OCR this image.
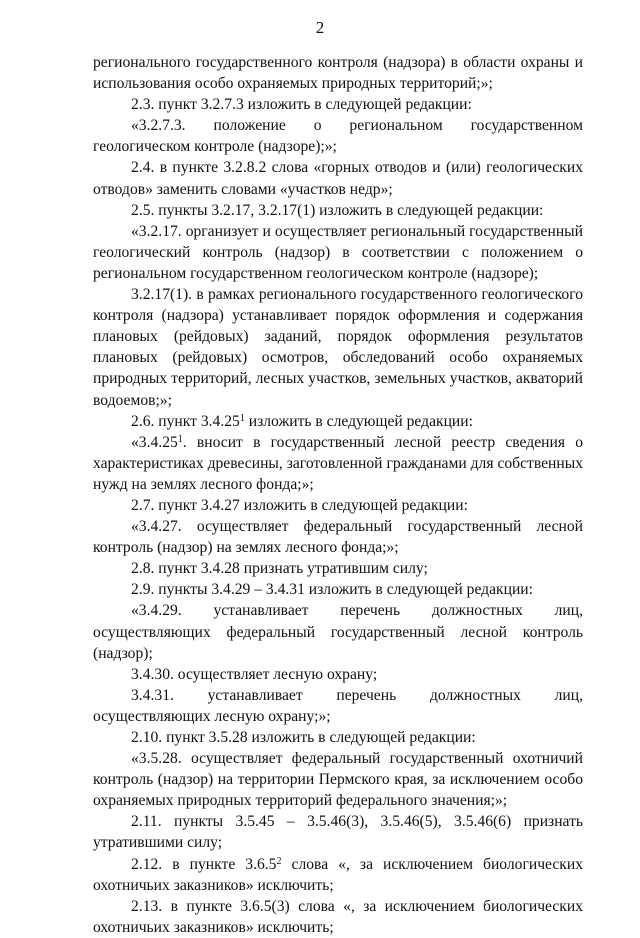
2

регионального государственного контроля (надзора) в области охраны и использования особо охраняемых природных территорий;»;

2.3. пункт 3.2.7.3 изложить в следующей редакции:

«3.2.7.3. положение о региональном государственном геологическом контроле (надзоре);»;

2.4. в пункте 3.2.8.2 слова «горных отводов и (или) геологических отводов» заменить словами «участков недр»;

2.5. пункты 3.2.17, 3.2.17(1) изложить в следующей редакции:

«3.2.17. организует и осуществляет региональный государственный геологический контроль (надзор) в соответствии с положением о региональном государственном геологическом контроле (надзоре);

3.2.17(1). в рамках регионального государственного геологического контроля (надзора) устанавливает порядок оформления и содержания плановых (рейдовых) заданий, порядок оформления результатов плановых (рейдовых) осмотров, обследований особо охраняемых природных территорий, лесных участков, земельных участков, акваторий водоемов;»;

2.6. пункт 3.4.25$^1$ изложить в следующей редакции:

«3.4.25$^1$. вносит в государственный лесной реестр сведения о характеристиках древесины, заготовленной гражданами для собственных нужд на землях лесного фонда;»;

2.7. пункт 3.4.27 изложить в следующей редакции:

«3.4.27. осуществляет федеральный государственный лесной контроль (надзор) на землях лесного фонда;»;

2.8. пункт 3.4.28 признать утратившим силу;

2.9. пункты 3.4.29 – 3.4.31 изложить в следующей редакции:

«3.4.29. устанавливает перечень должностных лиц, осуществляющих федеральный государственный лесной контроль (надзор);

3.4.30. осуществляет лесную охрану;

3.4.31. устанавливает перечень должностных лиц, осуществляющих лесную охрану;»;

2.10. пункт 3.5.28 изложить в следующей редакции:

«3.5.28. осуществляет федеральный государственный охотничий контроль (надзор) на территории Пермского края, за исключением особо охраняемых природных территорий федерального значения;»;

2.11. пункты 3.5.45 – 3.5.46(3), 3.5.46(5), 3.5.46(6) признать утратившими силу;

2.12. в пункте 3.6.5$^2$ слова «, за исключением биологических охотничьих заказников» исключить;

2.13. в пункте 3.6.5(3) слова «, за исключением биологических охотничьих заказников» исключить;
